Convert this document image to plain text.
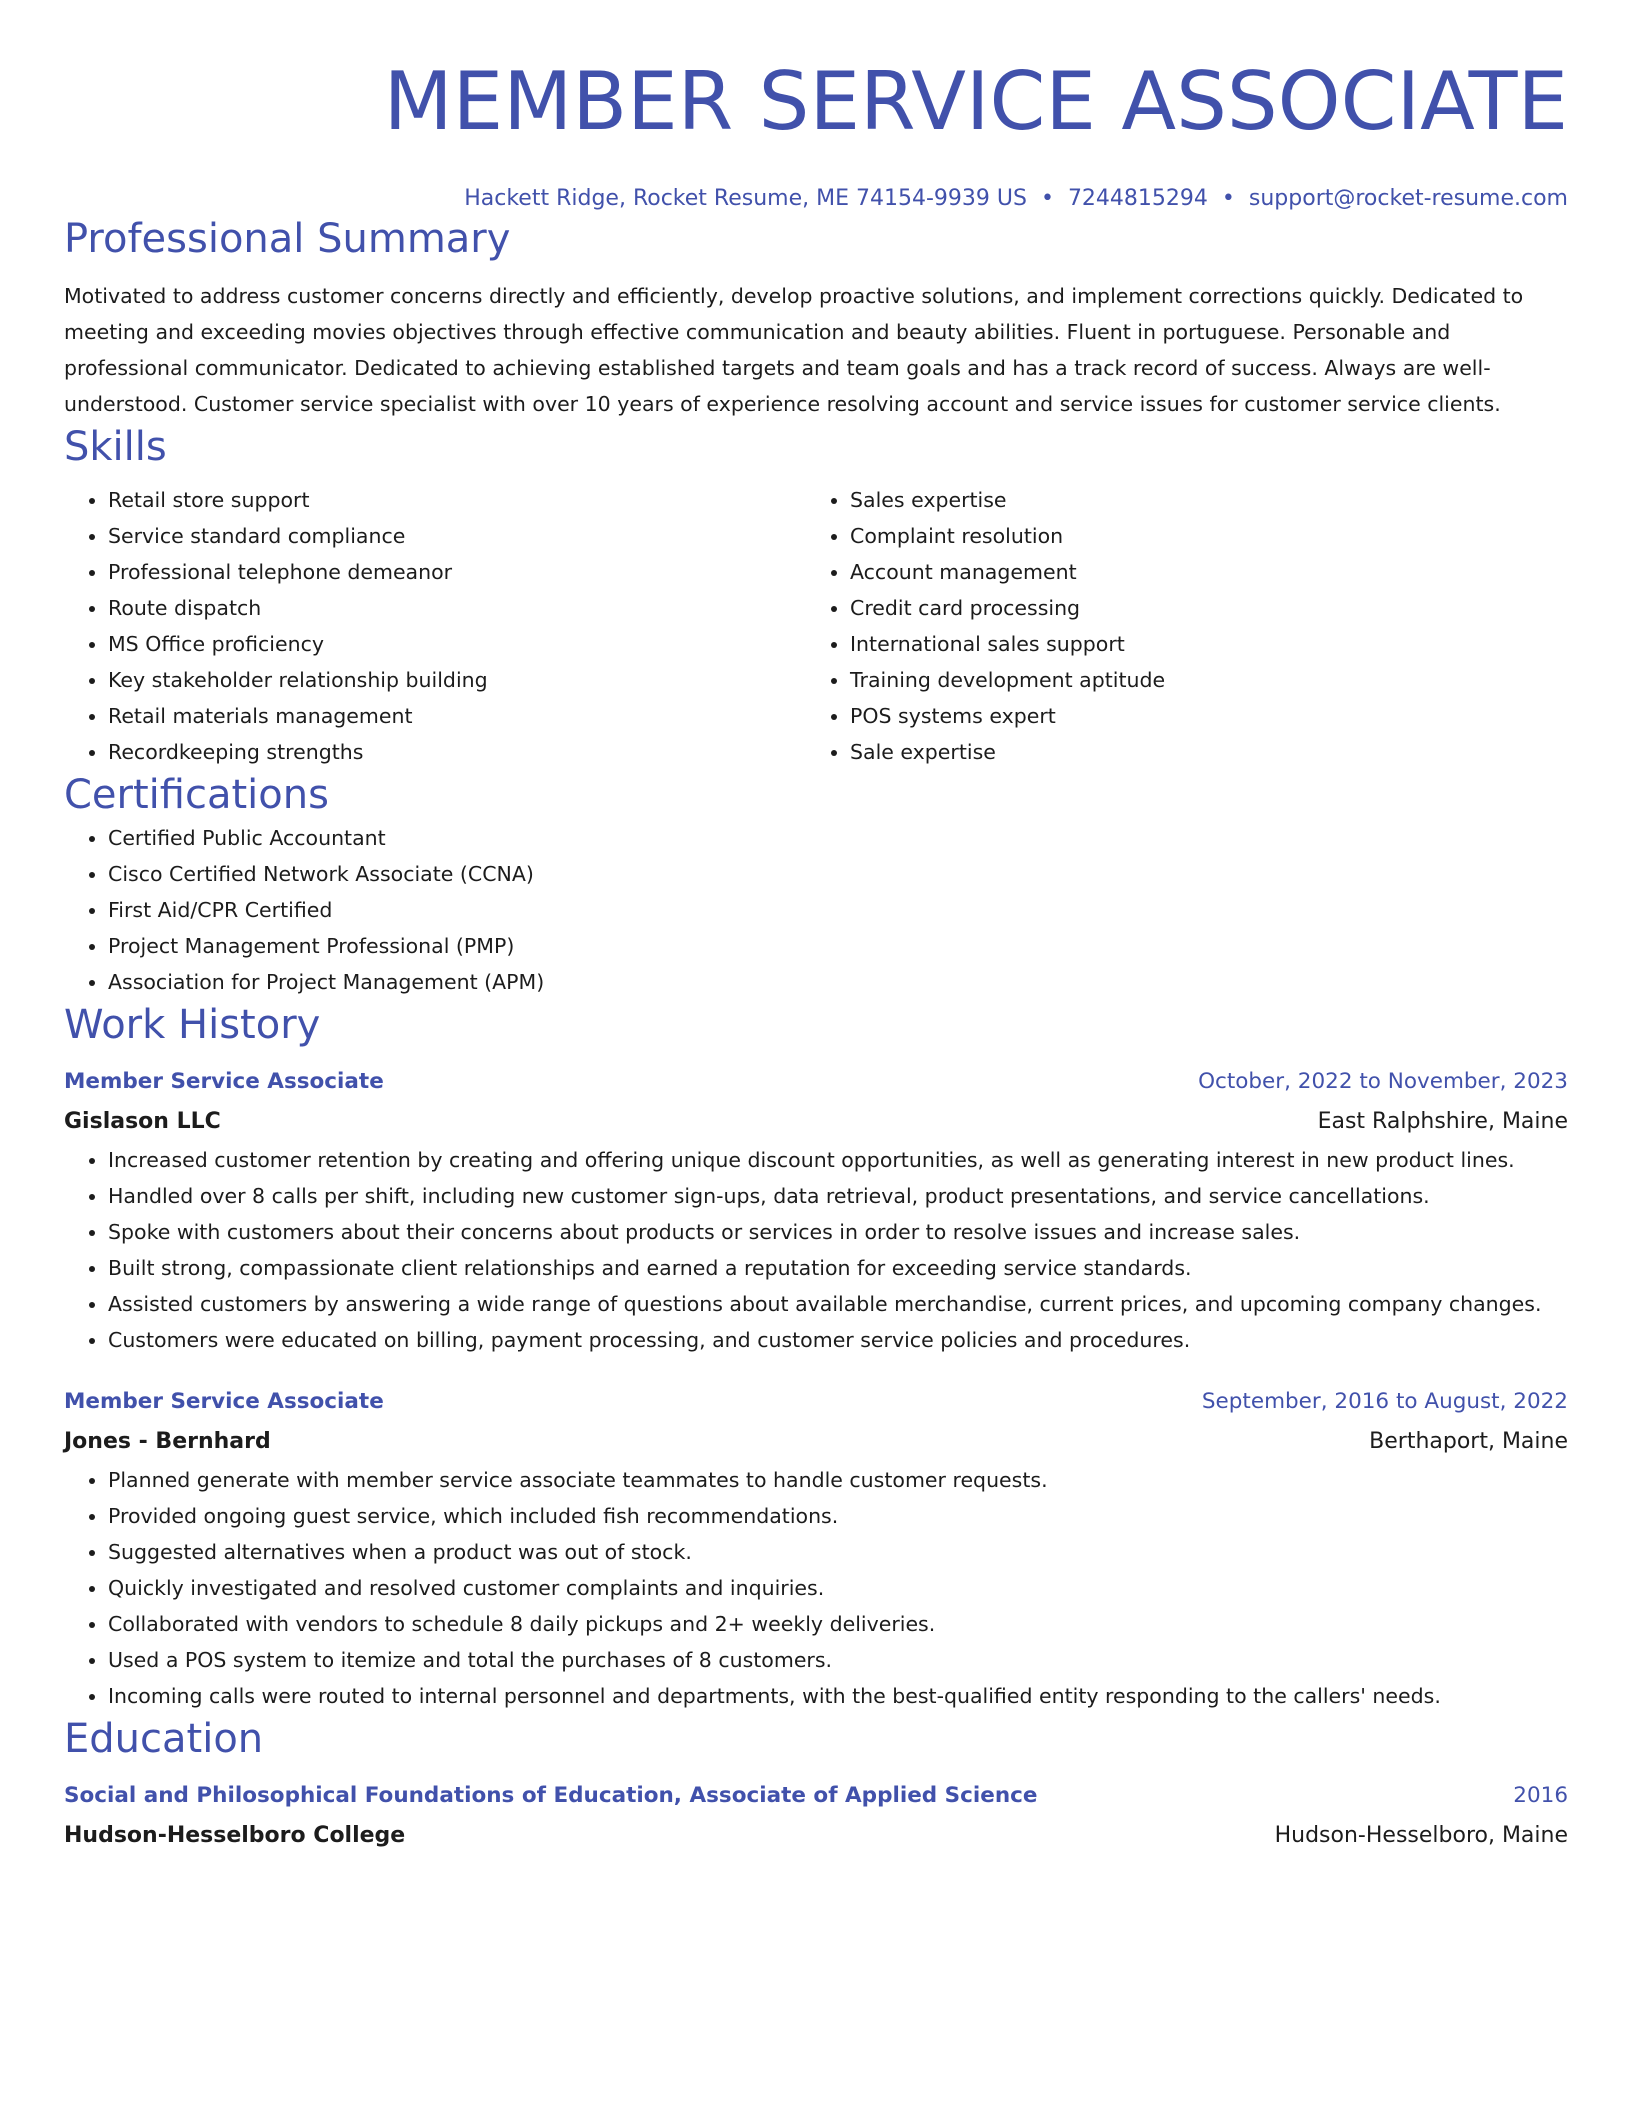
MEMBER SERVICE ASSOCIATE
Hackett Ridge, Rocket Resume, ME 74154-9939 US • 7244815294 • support@rocket-resume.com
Professional Summary

Motivated to address customer concerns directly and efficiently, develop proactive solutions, and implement corrections quickly. Dedicated to meeting and exceeding movies objectives through effective communication and beauty abilities. Fluent in portuguese. Personable and professional communicator. Dedicated to achieving established targets and team goals and has a track record of success. Always are well-understood. Customer service specialist with over 10 years of experience resolving account and service issues for customer service clients.

Skills
• Retail store support
• Service standard compliance
• Professional telephone demeanor
• Route dispatch
• MS Office proficiency
• Key stakeholder relationship building
• Retail materials management
• Recordkeeping strengths
• Sales expertise
• Complaint resolution
• Account management
• Credit card processing
• International sales support
• Training development aptitude
• POS systems expert
• Sale expertise
Certifications
• Certified Public Accountant
• Cisco Certified Network Associate (CCNA)
• First Aid/CPR Certified
• Project Management Professional (PMP)
• Association for Project Management (APM)
Work History
Member Service Associate	October, 2022 to November, 2023
Gislason LLC	East Ralphshire, Maine
• Increased customer retention by creating and offering unique discount opportunities, as well as generating interest in new product lines.
• Handled over 8 calls per shift, including new customer sign-ups, data retrieval, product presentations, and service cancellations.
• Spoke with customers about their concerns about products or services in order to resolve issues and increase sales.
• Built strong, compassionate client relationships and earned a reputation for exceeding service standards.
• Assisted customers by answering a wide range of questions about available merchandise, current prices, and upcoming company changes.
• Customers were educated on billing, payment processing, and customer service policies and procedures.
Member Service Associate	September, 2016 to August, 2022
Jones - Bernhard	Berthaport, Maine
• Planned generate with member service associate teammates to handle customer requests.
• Provided ongoing guest service, which included fish recommendations.
• Suggested alternatives when a product was out of stock.
• Quickly investigated and resolved customer complaints and inquiries.
• Collaborated with vendors to schedule 8 daily pickups and 2+ weekly deliveries.
• Used a POS system to itemize and total the purchases of 8 customers.
• Incoming calls were routed to internal personnel and departments, with the best-qualified entity responding to the callers' needs.
Education
Social and Philosophical Foundations of Education, Associate of Applied Science	2016
Hudson-Hesselboro College	Hudson-Hesselboro, Maine
